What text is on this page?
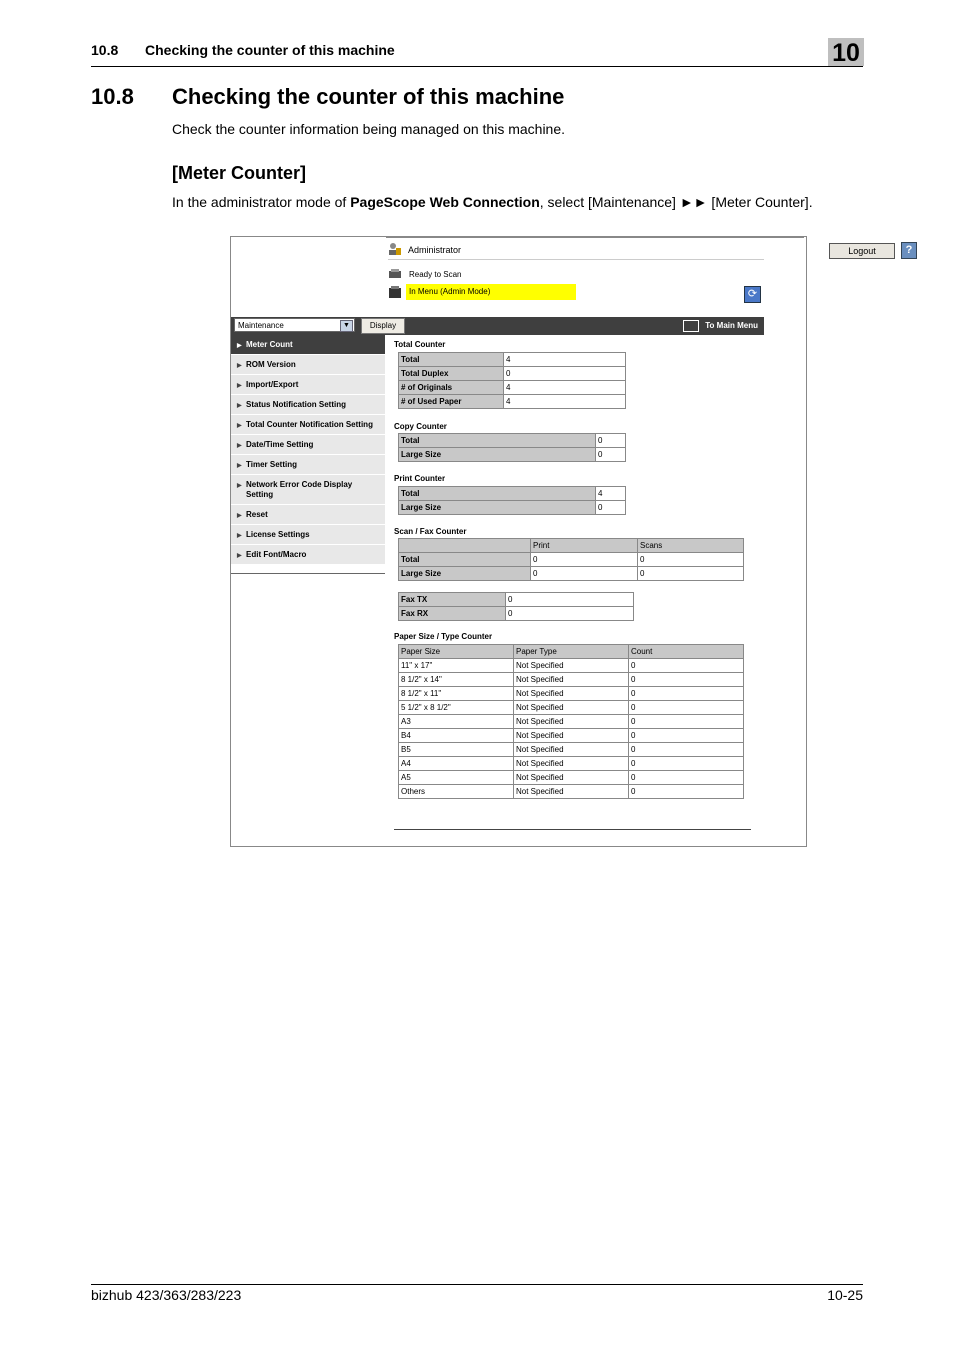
10.8 Checking the counter of this machine	10
10.8 Checking the counter of this machine
Check the counter information being managed on this machine.
[Meter Counter]
In the administrator mode of PageScope Web Connection, select [Maintenance] ►► [Meter Counter].
Administrator	Logout	?
Ready to Scan
In Menu (Admin Mode)	⟳
Maintenance	▼	Display	To Main Menu
▶ Meter Count
▶ ROM Version
▶ Import/Export
▶ Status Notification Setting
▶ Total Counter Notification Setting
▶ Date/Time Setting
▶ Timer Setting
▶ Network Error Code Display Setting
▶ Reset
▶ License Settings
▶ Edit Font/Macro
Total Counter
Total	4
Total Duplex	0
# of Originals	4
# of Used Paper	4
Copy Counter
Total	0
Large Size	0
Print Counter
Total	4
Large Size	0
Scan / Fax Counter
	Print	Scans
Total	0	0
Large Size	0	0
Fax TX	0
Fax RX	0
Paper Size / Type Counter
Paper Size	Paper Type	Count
11" x 17"	Not Specified	0
8 1/2" x 14"	Not Specified	0
8 1/2" x 11"	Not Specified	0
5 1/2" x 8 1/2"	Not Specified	0
A3	Not Specified	0
B4	Not Specified	0
B5	Not Specified	0
A4	Not Specified	0
A5	Not Specified	0
Others	Not Specified	0
bizhub 423/363/283/223	10-25
